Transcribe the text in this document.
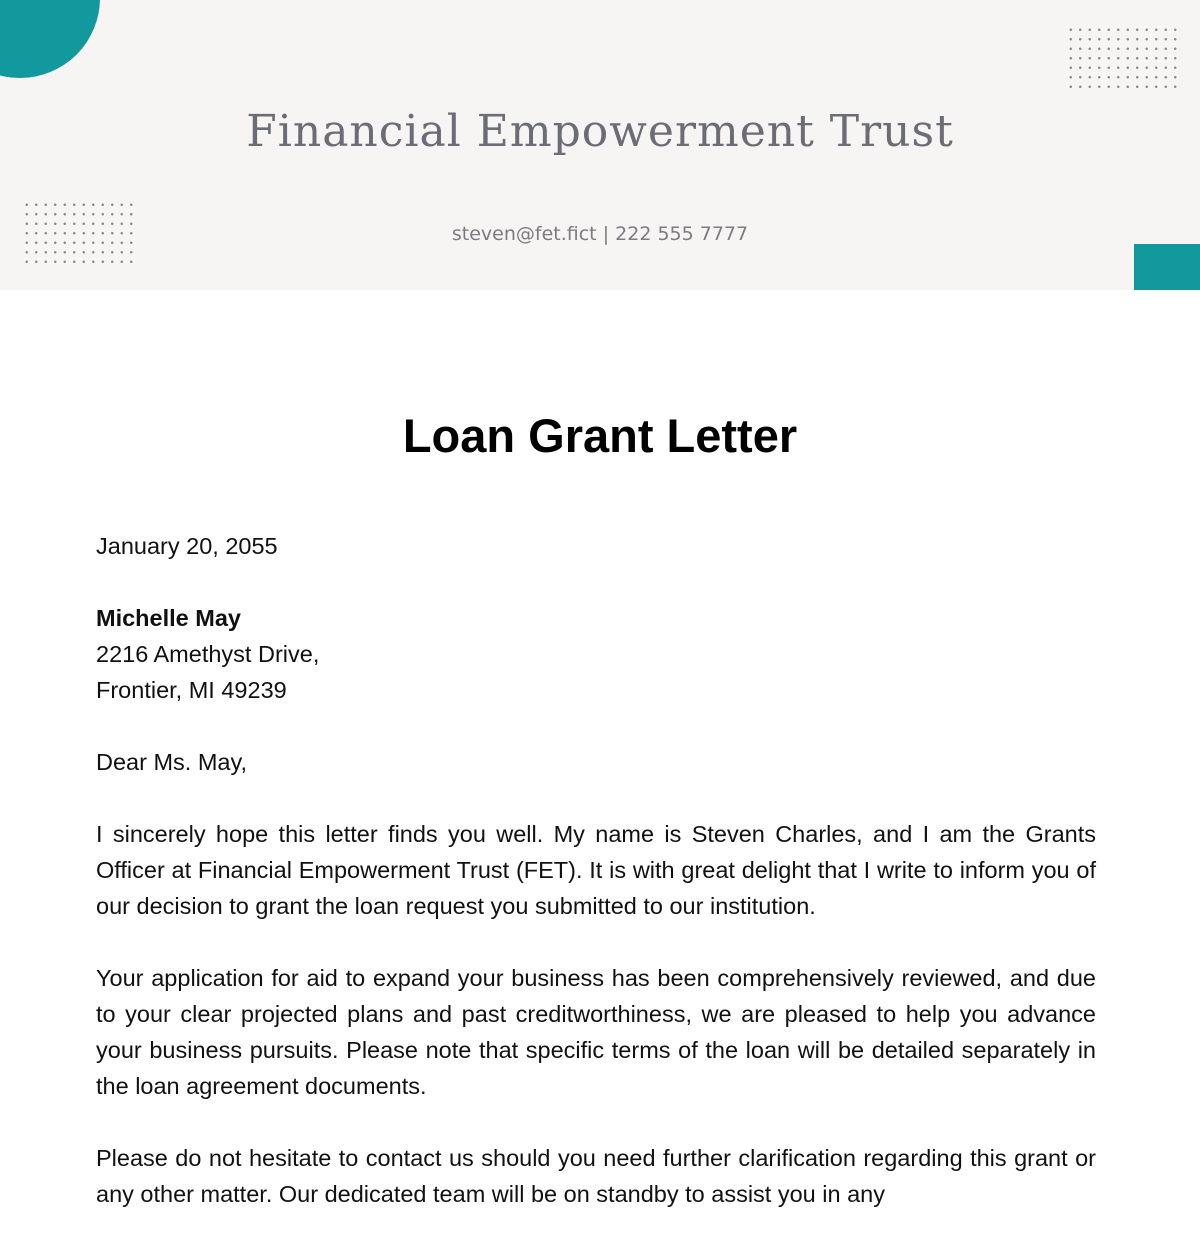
Financial Empowerment Trust
steven@fet.fict | 222 555 7777
Loan Grant Letter

January 20, 2055

Michelle May
2216 Amethyst Drive,
Frontier, MI 49239

Dear Ms. May,

I sincerely hope this letter finds you well. My name is Steven Charles, and I am the Grants Officer at Financial Empowerment Trust (FET). It is with great delight that I write to inform you of our decision to grant the loan request you submitted to our institution.

Your application for aid to expand your business has been comprehensively reviewed, and due to your clear projected plans and past creditworthiness, we are pleased to help you advance your business pursuits. Please note that specific terms of the loan will be detailed separately in the loan agreement documents.

Please do not hesitate to contact us should you need further clarification regarding this grant or any other matter. Our dedicated team will be on standby to assist you in any
